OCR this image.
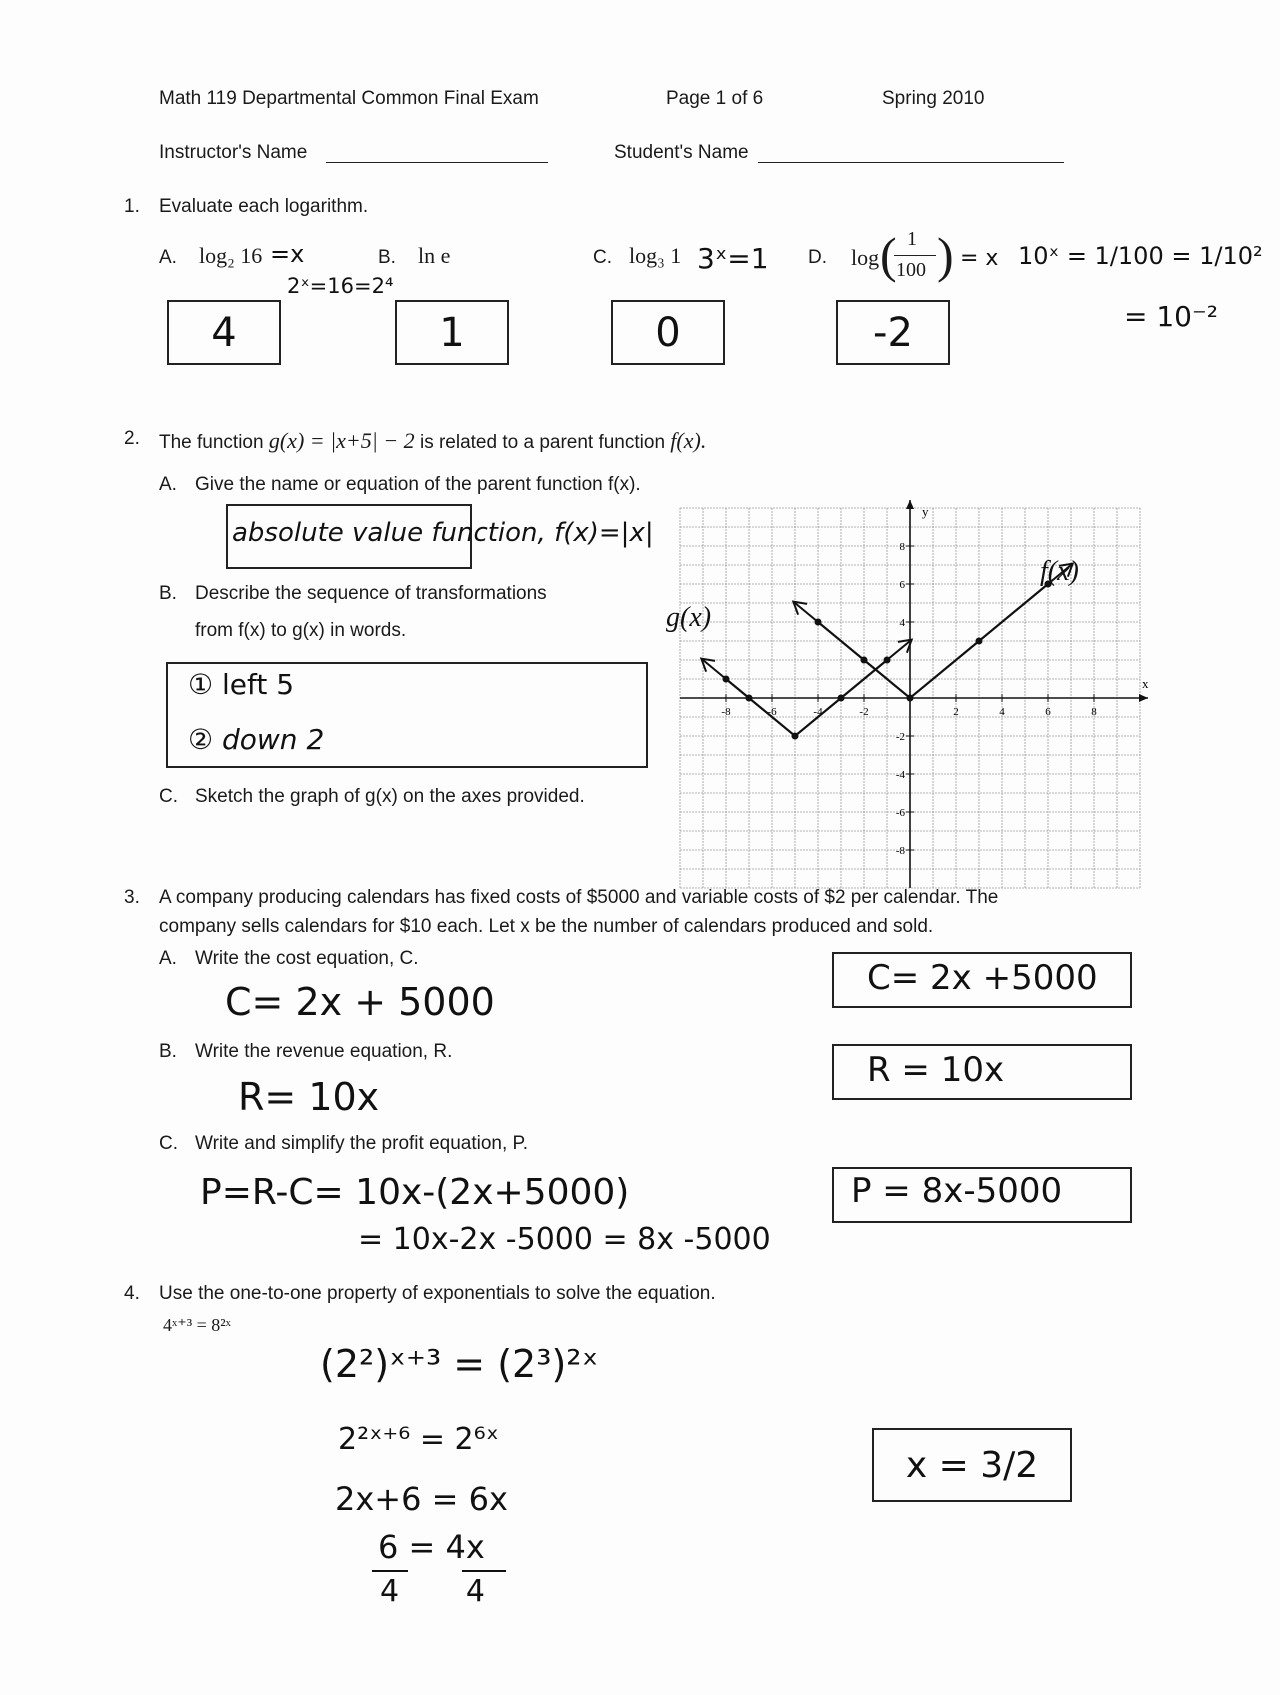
Math 119 Departmental Common Final Exam	Page 1 of 6	Spring 2010
Instructor's Name	Student's Name
1. Evaluate each logarithm.
A. log₂ 16 =x
2ˣ=16=2⁴
4
B. ln e
1
C. log₃ 1 3ˣ=1
0
D. log ( 1
100 ) = x 10ˣ = 1/100 = 1/10²
= 10⁻²
-2
2. The function g(x) = |x+5| − 2 is related to a parent function f(x).
A. Give the name or equation of the parent function f(x).
absolute value function, f(x)=|x|
B. Describe the sequence of transformations
from f(x) to g(x) in words.
① left 5
② down 2
C. Sketch the graph of g(x) on the axes provided.
x
y
-8	-6	-4	-2	2	4	6	8
8
6
4
-2
-4
-6
-8
g(x)
f(x)
3. A company producing calendars has fixed costs of $5000 and variable costs of $2 per calendar. The
company sells calendars for $10 each. Let x be the number of calendars produced and sold.
A. Write the cost equation, C.
C= 2x + 5000
C= 2x +5000
B. Write the revenue equation, R.
R= 10x
R = 10x
C. Write and simplify the profit equation, P.
P=R-C= 10x-(2x+5000)
= 10x-2x -5000 = 8x -5000
P = 8x-5000
4. Use the one-to-one property of exponentials to solve the equation.
4ˣ⁺³ = 8²ˣ
(2²)ˣ⁺³ = (2³)²ˣ
2²ˣ⁺⁶ = 2⁶ˣ
2x+6 = 6x
6 = 4x
4       4
x = 3/2
